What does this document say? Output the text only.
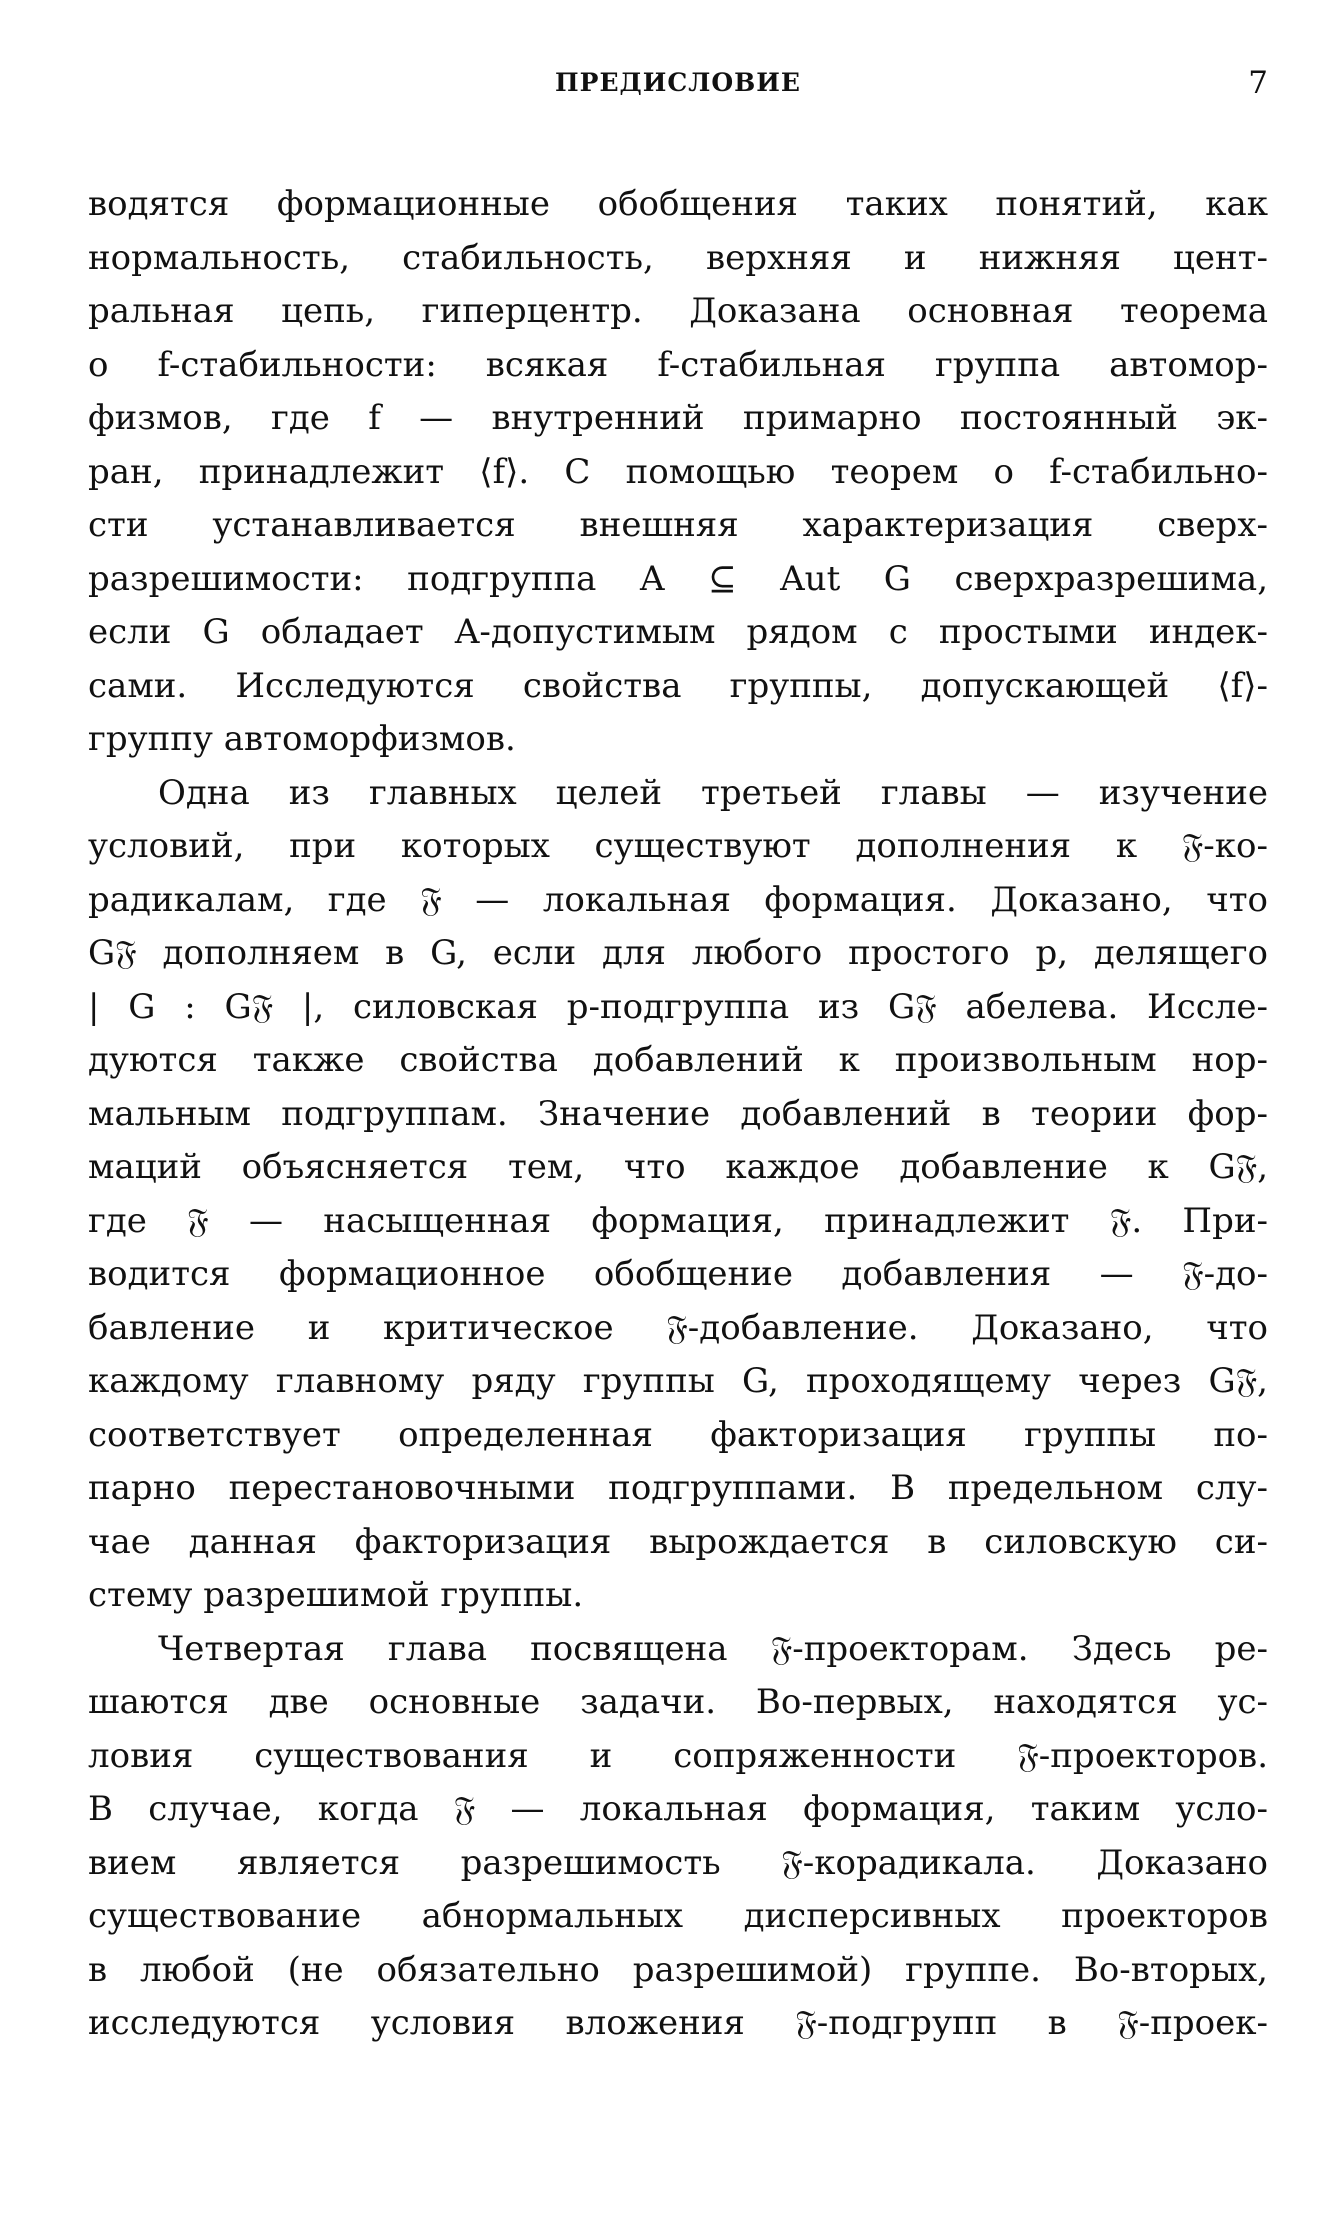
ПРЕДИСЛОВИЕ	7
водятся формационные обобщения таких понятий, как
нормальность, стабильность, верхняя и нижняя цент-
ральная цепь, гиперцентр. Доказана основная теорема
о f-стабильности: всякая f-стабильная группа автомор-
физмов, где f — внутренний примарно постоянный эк-
ран, принадлежит ⟨f⟩. С помощью теорем о f-стабильно-
сти устанавливается внешняя характеризация сверх-
разрешимости: подгруппа A ⊆ Aut G сверхразрешима,
если G обладает A-допустимым рядом с простыми индек-
сами. Исследуются свойства группы, допускающей ⟨f⟩-
группу автоморфизмов.
Одна из главных целей третьей главы — изучение
условий, при которых существуют дополнения к 𝔉-ко-
радикалам, где 𝔉 — локальная формация. Доказано, что
G𝔉 дополняем в G, если для любого простого p, делящего
| G : G𝔉 |, силовская p-подгруппа из G𝔉 абелева. Иссле-
дуются также свойства добавлений к произвольным нор-
мальным подгруппам. Значение добавлений в теории фор-
маций объясняется тем, что каждое добавление к G𝔉,
где 𝔉 — насыщенная формация, принадлежит 𝔉. При-
водится формационное обобщение добавления — 𝔉-до-
бавление и критическое 𝔉-добавление. Доказано, что
каждому главному ряду группы G, проходящему через G𝔉,
соответствует определенная факторизация группы по-
парно перестановочными подгруппами. В предельном слу-
чае данная факторизация вырождается в силовскую си-
стему разрешимой группы.
Четвертая глава посвящена 𝔉-проекторам. Здесь ре-
шаются две основные задачи. Во-первых, находятся ус-
ловия существования и сопряженности 𝔉-проекторов.
В случае, когда 𝔉 — локальная формация, таким усло-
вием является разрешимость 𝔉-корадикала. Доказано
существование абнормальных дисперсивных проекторов
в любой (не обязательно разрешимой) группе. Во-вторых,
исследуются условия вложения 𝔉-подгрупп в 𝔉-проек-
